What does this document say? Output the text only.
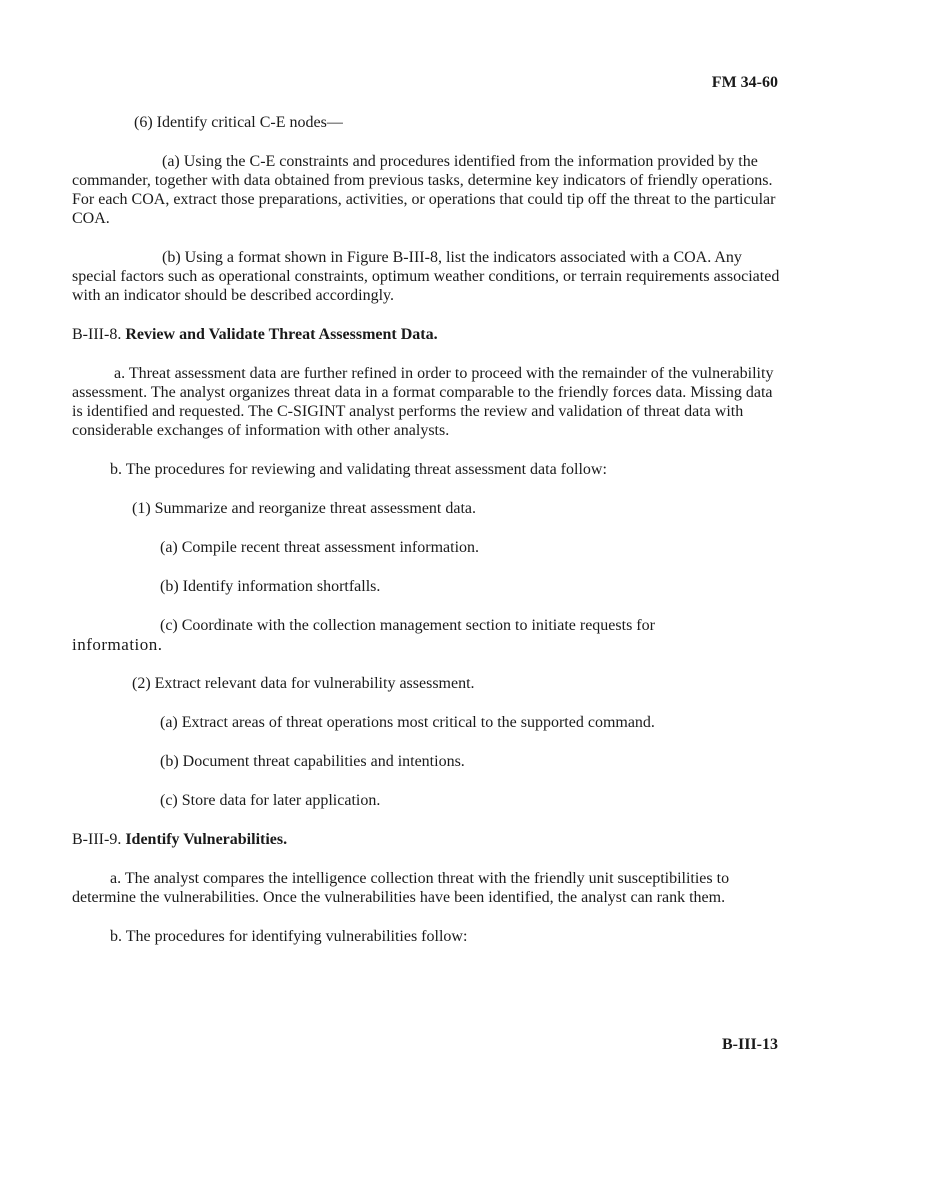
FM 34-60

(6) Identify critical C-E nodes—

(a) Using the C-E constraints and procedures identified from the information provided by the commander, together with data obtained from previous tasks, determine key indicators of friendly operations. For each COA, extract those preparations, activities, or operations that could tip off the threat to the particular COA.

(b) Using a format shown in Figure B-III-8, list the indicators associated with a COA. Any special factors such as operational constraints, optimum weather conditions, or terrain requirements associated with an indicator should be described accordingly.

B-III-8. Review and Validate Threat Assessment Data.

a. Threat assessment data are further refined in order to proceed with the remainder of the vulnerability assessment. The analyst organizes threat data in a format comparable to the friendly forces data. Missing data is identified and requested. The C-SIGINT analyst performs the review and validation of threat data with considerable exchanges of information with other analysts.

b. The procedures for reviewing and validating threat assessment data follow:

(1) Summarize and reorganize threat assessment data.

(a) Compile recent threat assessment information.

(b) Identify information shortfalls.

(c) Coordinate with the collection management section to initiate requests for
information.

(2) Extract relevant data for vulnerability assessment.

(a) Extract areas of threat operations most critical to the supported command.

(b) Document threat capabilities and intentions.

(c) Store data for later application.

B-III-9. Identify Vulnerabilities.

a. The analyst compares the intelligence collection threat with the friendly unit susceptibilities to determine the vulnerabilities. Once the vulnerabilities have been identified, the analyst can rank them.

b. The procedures for identifying vulnerabilities follow:

B-III-13
